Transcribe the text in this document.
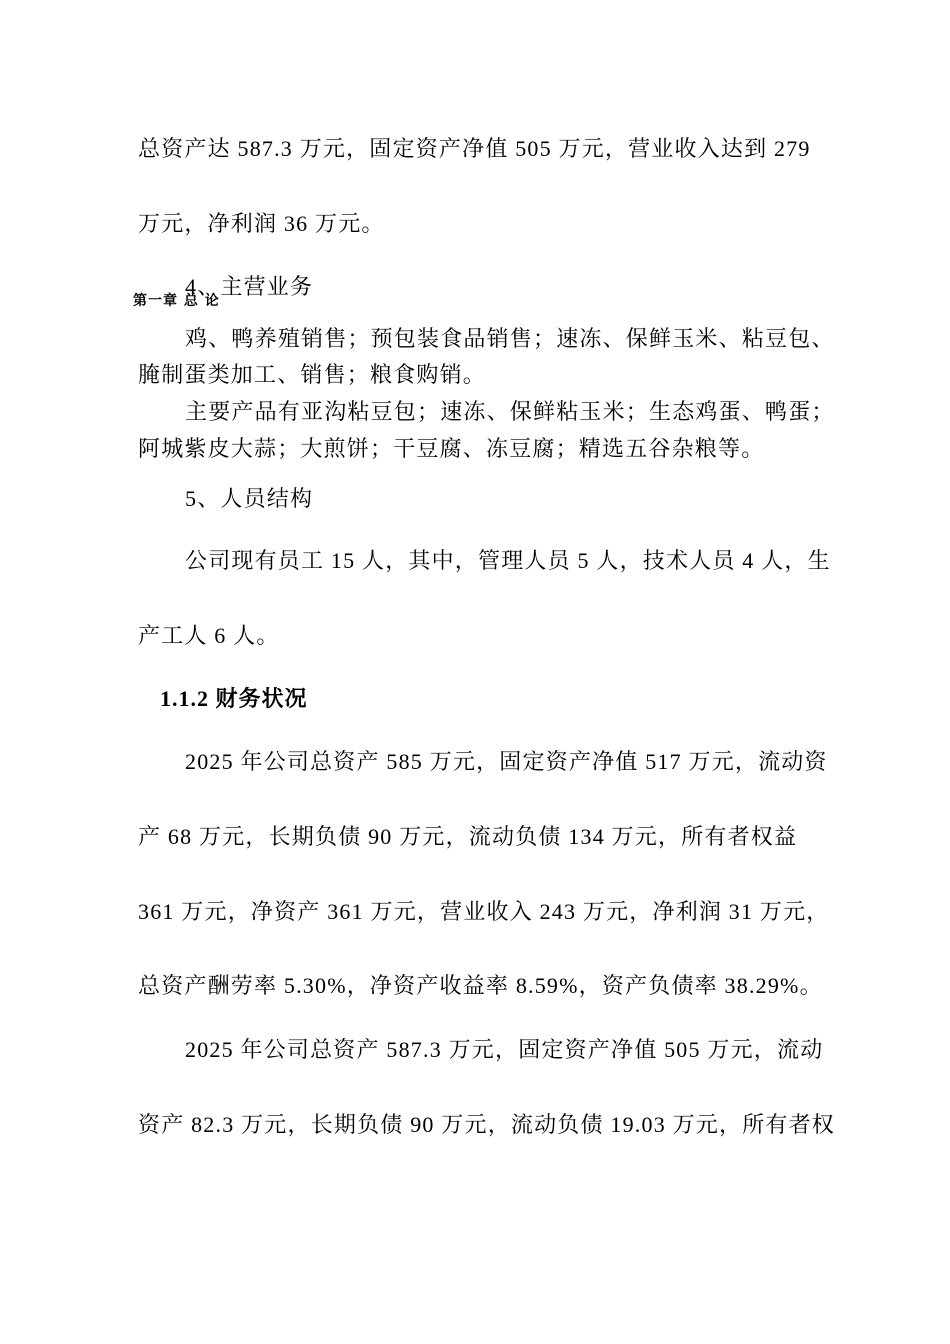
总资产达 587.3 万元，固定资产净值 505 万元，营业收入达到 279
万元，净利润 36 万元。
4、主营业务
第一章 总 论
鸡、鸭养殖销售；预包装食品销售；速冻、保鲜玉米、粘豆包、
腌制蛋类加工、销售；粮食购销。
主要产品有亚沟粘豆包；速冻、保鲜粘玉米；生态鸡蛋、鸭蛋；
阿城紫皮大蒜；大煎饼；干豆腐、冻豆腐；精选五谷杂粮等。
5、人员结构
公司现有员工 15 人，其中，管理人员 5 人，技术人员 4 人，生
产工人 6 人。
1.1.2 财务状况
2025 年公司总资产 585 万元，固定资产净值 517 万元，流动资
产 68 万元，长期负债 90 万元，流动负债 134 万元，所有者权益
361 万元，净资产 361 万元，营业收入 243 万元，净利润 31 万元，
总资产酬劳率 5.30%，净资产收益率 8.59%，资产负债率 38.29%。
2025 年公司总资产 587.3 万元，固定资产净值 505 万元，流动
资产 82.3 万元，长期负债 90 万元，流动负债 19.03 万元，所有者权
